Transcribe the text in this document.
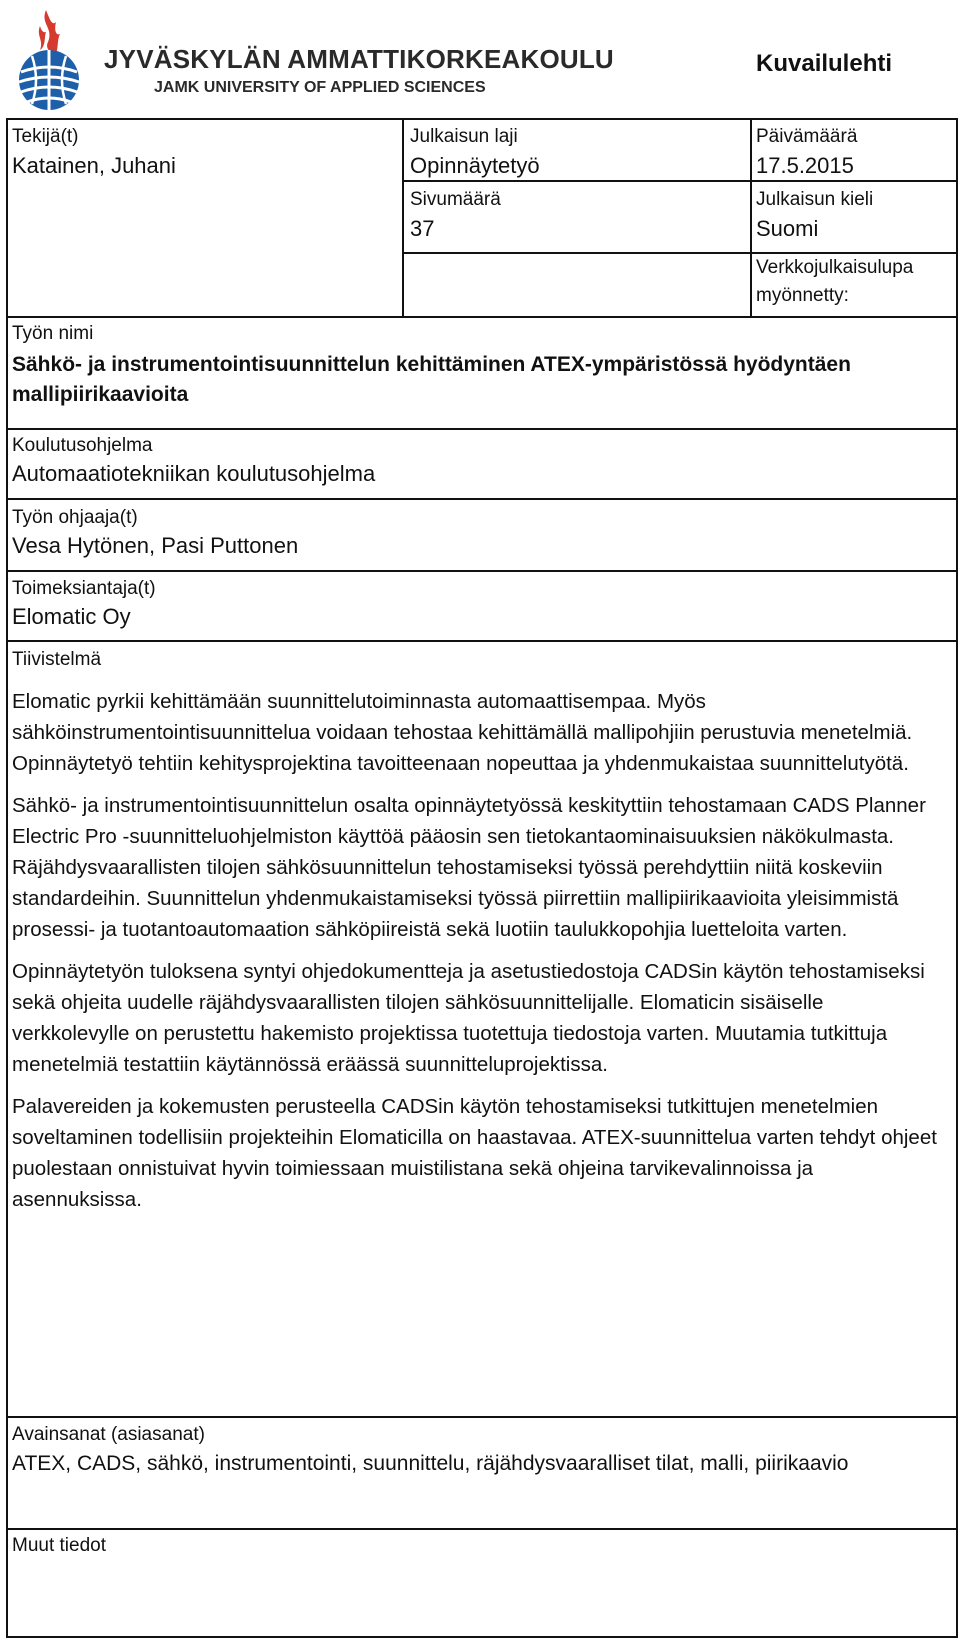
JYVÄSKYLÄN AMMATTIKORKEAKOULU
JAMK UNIVERSITY OF APPLIED SCIENCES
Kuvailulehti
Tekijä(t)
Katainen, Juhani
Julkaisun laji
Opinnäytetyö
Päivämäärä
17.5.2015
Sivumäärä
37
Julkaisun kieli
Suomi
Verkkojulkaisulupa
myönnetty:
Työn nimi
Sähkö- ja instrumentointisuunnittelun kehittäminen ATEX-ympäristössä hyödyntäen mallipiirikaavioita
Koulutusohjelma
Automaatiotekniikan koulutusohjelma
Työn ohjaaja(t)
Vesa Hytönen, Pasi Puttonen
Toimeksiantaja(t)
Elomatic Oy
Tiivistelmä

Elomatic pyrkii kehittämään suunnittelutoiminnasta automaattisempaa. Myös sähköinstrumentointisuunnittelua voidaan tehostaa kehittämällä mallipohjiin perustuvia menetelmiä. Opinnäytetyö tehtiin kehitysprojektina tavoitteenaan nopeuttaa ja yhdenmukaistaa suunnittelutyötä.

Sähkö- ja instrumentointisuunnittelun osalta opinnäytetyössä keskityttiin tehostamaan CADS Planner Electric Pro -suunnitteluohjelmiston käyttöä pääosin sen tietokantaominaisuuksien näkökulmasta. Räjähdysvaarallisten tilojen sähkösuunnittelun tehostamiseksi työssä perehdyttiin niitä koskeviin standardeihin. Suunnittelun yhdenmukaistamiseksi työssä piirrettiin mallipiirikaavioita yleisimmistä prosessi- ja tuotantoautomaation sähköpiireistä sekä luotiin taulukkopohjia luetteloita varten.

Opinnäytetyön tuloksena syntyi ohjedokumentteja ja asetustiedostoja CADSin käytön tehostamiseksi sekä ohjeita uudelle räjähdysvaarallisten tilojen sähkösuunnittelijalle. Elomaticin sisäiselle verkkolevylle on perustettu hakemisto projektissa tuotettuja tiedostoja varten. Muutamia tutkittuja menetelmiä testattiin käytännössä eräässä suunnitteluprojektissa.

Palavereiden ja kokemusten perusteella CADSin käytön tehostamiseksi tutkittujen menetelmien soveltaminen todellisiin projekteihin Elomaticilla on haastavaa. ATEX-suunnittelua varten tehdyt ohjeet puolestaan onnistuivat hyvin toimiessaan muistilistana sekä ohjeina tarvikevalinnoissa ja asennuksissa.

Avainsanat (asiasanat)
ATEX, CADS, sähkö, instrumentointi, suunnittelu, räjähdysvaaralliset tilat, malli, piirikaavio
Muut tiedot
